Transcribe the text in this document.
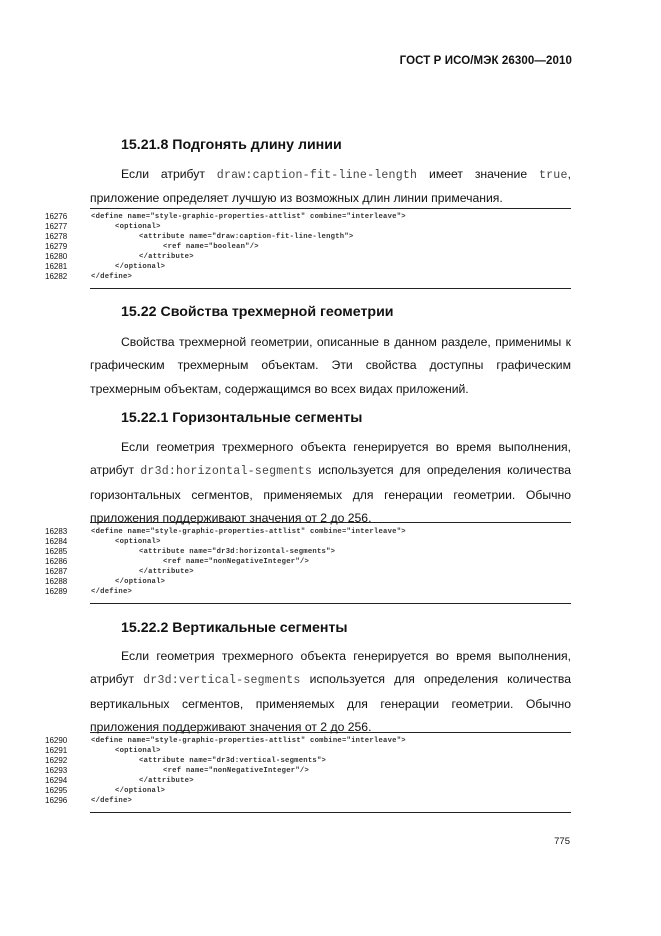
ГОСТ Р ИСО/МЭК 26300—2010
15.21.8 Подгонять длину линии

Если атрибут draw:caption-fit-line-length имеет значение true, приложение определяет лучшую из возможных длин линии примечания.

16276	<define name="style-graphic-properties-attlist" combine="interleave">
16277	<optional>
16278	<attribute name="draw:caption-fit-line-length">
16279	<ref name="boolean"/>
16280	</attribute>
16281	</optional>
16282	</define>
15.22 Свойства трехмерной геометрии

Свойства трехмерной геометрии, описанные в данном разделе, применимы к графическим трехмерным объектам. Эти свойства доступны графическим трехмерным объектам, содержащимся во всех видах приложений.

15.22.1 Горизонтальные сегменты

Если геометрия трехмерного объекта генерируется во время выполнения, атрибут dr3d:horizontal-segments используется для определения количества горизонтальных сегментов, применяемых для генерации геометрии. Обычно приложения поддерживают значения от 2 до 256.

16283	<define name="style-graphic-properties-attlist" combine="interleave">
16284	<optional>
16285	<attribute name="dr3d:horizontal-segments">
16286	<ref name="nonNegativeInteger"/>
16287	</attribute>
16288	</optional>
16289	</define>
15.22.2 Вертикальные сегменты

Если геометрия трехмерного объекта генерируется во время выполнения, атрибут dr3d:vertical-segments используется для определения количества вертикальных сегментов, применяемых для генерации геометрии. Обычно приложения поддерживают значения от 2 до 256.

16290	<define name="style-graphic-properties-attlist" combine="interleave">
16291	<optional>
16292	<attribute name="dr3d:vertical-segments">
16293	<ref name="nonNegativeInteger"/>
16294	</attribute>
16295	</optional>
16296	</define>
775
